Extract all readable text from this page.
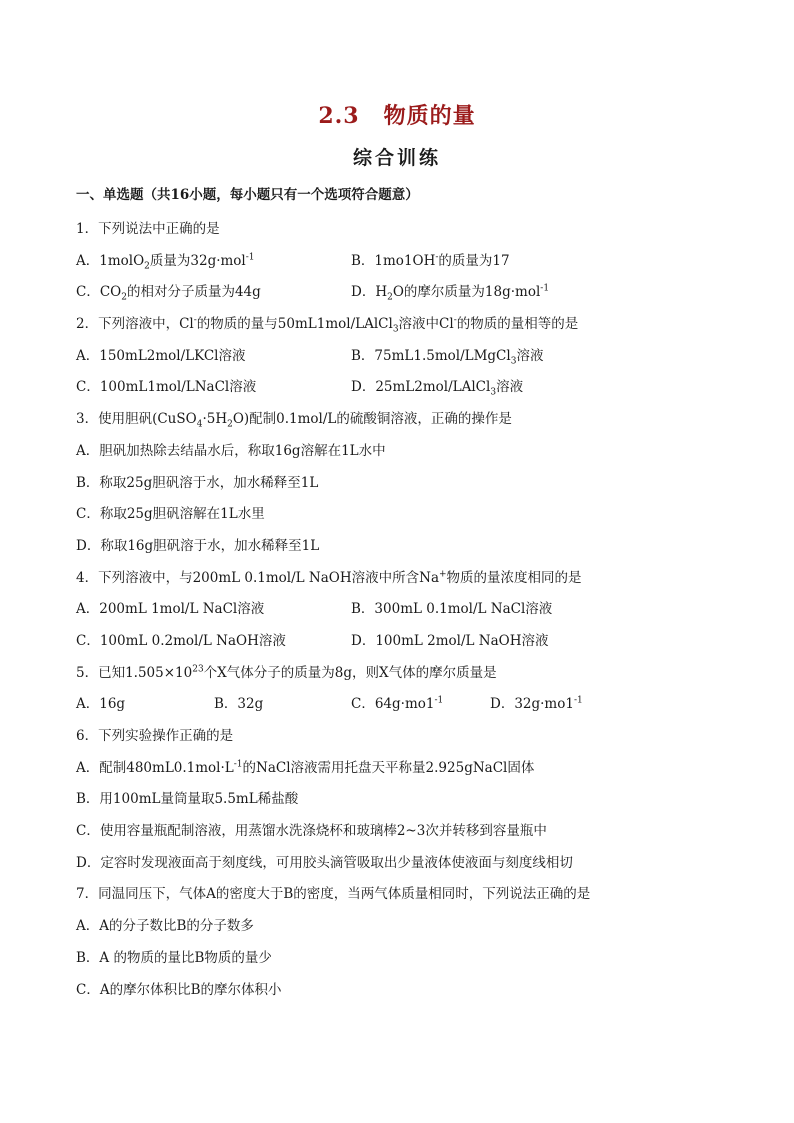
2.3 物质的量
综合训练
一、单选题（共16小题，每小题只有一个选项符合题意）
1．下列说法中正确的是
A．1molO$_2$质量为32g·mol$^{-1}$	B．1mo1OH-的质量为17
C．$CO_2$的相对分子质量为44g	D．$H_2O$的摩尔质量为18g·mol$^{-1}$
2．下列溶液中，Cl-的物质的量与50mL1mol/LAlCl$_3$溶液中Cl-的物质的量相等的是
A．150mL2mol/LKCl溶液	B．75mL1.5mol/LMgCl$_3$溶液
C．100mL1mol/LNaCl溶液	D．25mL2mol/LAlCl$_3$溶液
3．使用胆矾$(CuSO_4\cdot 5H_2O)$配制0.1mol/L的硫酸铜溶液，正确的操作是
A．胆矾加热除去结晶水后，称取16g溶解在1L水中
B．称取25g胆矾溶于水，加水稀释至1L
C．称取25g胆矾溶解在1L水里
D．称取16g胆矾溶于水，加水稀释至1L
4．下列溶液中，与200mL 0.1mol/L NaOH溶液中所含Na+物质的量浓度相同的是
A．200mL 1mol/L NaCl溶液	B．300mL 0.1mol/L NaCl溶液
C．100mL 0.2mol/L NaOH溶液	D．100mL 2mol/L NaOH溶液
5．已知$1.505\times 10^{23}$个X气体分子的质量为8g，则X气体的摩尔质量是
A．16g	B．32g	C．$64g\cdot mo1^{-1}$	D．$32g\cdot mo1^{-1}$
6．下列实验操作正确的是
A．配制$480mL0.1mol\cdot L^{-1}$的NaCl溶液需用托盘天平称量2.925gNaCl固体
B．用100mL量筒量取5.5mL稀盐酸
C．使用容量瓶配制溶液，用蒸馏水洗涤烧杯和玻璃棒2~3次并转移到容量瓶中
D．定容时发现液面高于刻度线，可用胶头滴管吸取出少量液体使液面与刻度线相切
7．同温同压下，气体A的密度大于B的密度，当两气体质量相同时，下列说法正确的是
A．A的分子数比B的分子数多
B．A 的物质的量比B物质的量少
C．A的摩尔体积比B的摩尔体积小
